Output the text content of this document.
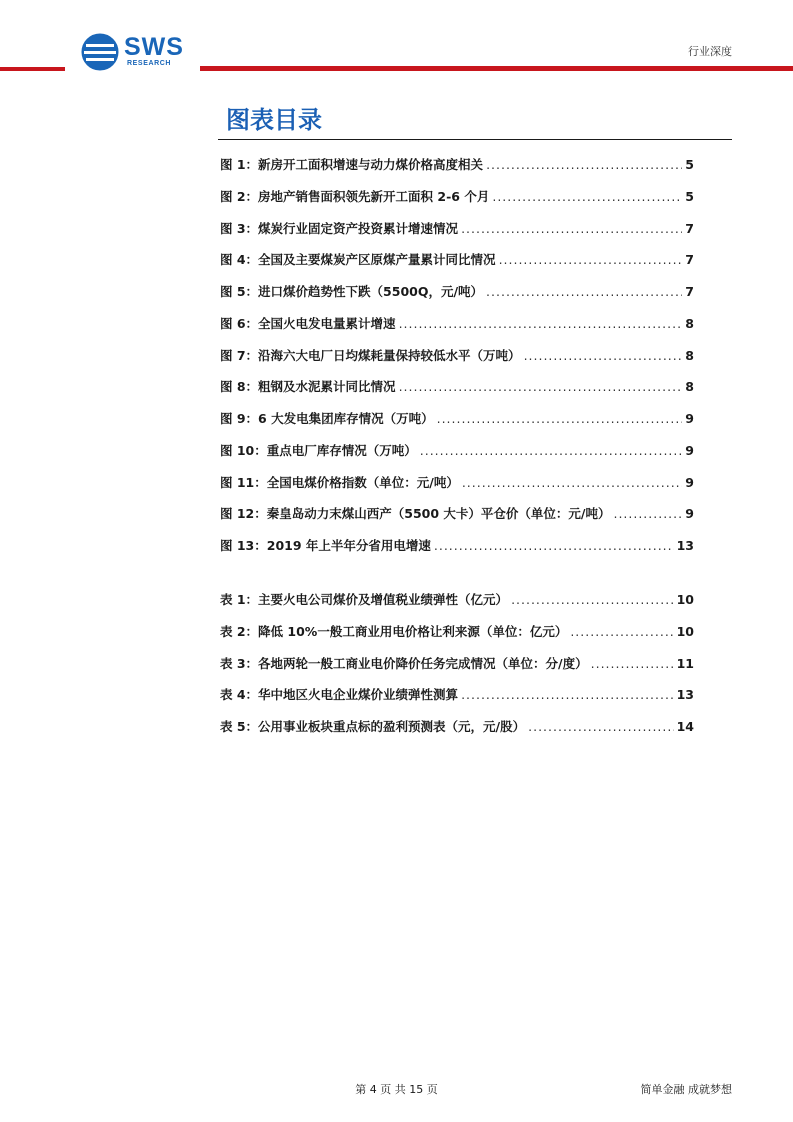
SWS
RESEARCH
行业深度
图表目录
图 1：新房开工面积增速与动力煤价格高度相关 .....	5
图 2：房地产销售面积领先新开工面积 2-6 个月 .....	5
图 3：煤炭行业固定资产投资累计增速情况 .....	7
图 4：全国及主要煤炭产区原煤产量累计同比情况 .....	7
图 5：进口煤价趋势性下跌（5500Q，元/吨） .....	7
图 6：全国火电发电量累计增速 .....	8
图 7：沿海六大电厂日均煤耗量保持较低水平（万吨） .....	8
图 8：粗钢及水泥累计同比情况 .....	8
图 9：6 大发电集团库存情况（万吨） .....	9
图 10：重点电厂库存情况（万吨） .....	9
图 11：全国电煤价格指数（单位：元/吨） .....	9
图 12：秦皇岛动力末煤山西产（5500 大卡）平仓价（单位：元/吨） .....	9
图 13：2019 年上半年分省用电增速 .....	13
表 1：主要火电公司煤价及增值税业绩弹性（亿元） .....	10
表 2：降低 10%一般工商业用电价格让利来源（单位：亿元） .....	10
表 3：各地两轮一般工商业电价降价任务完成情况（单位：分/度） .....	11
表 4：华中地区火电企业煤价业绩弹性测算 .....	13
表 5：公用事业板块重点标的盈利预测表（元，元/股） .....	14
第 4 页 共 15 页	简单金融 成就梦想
